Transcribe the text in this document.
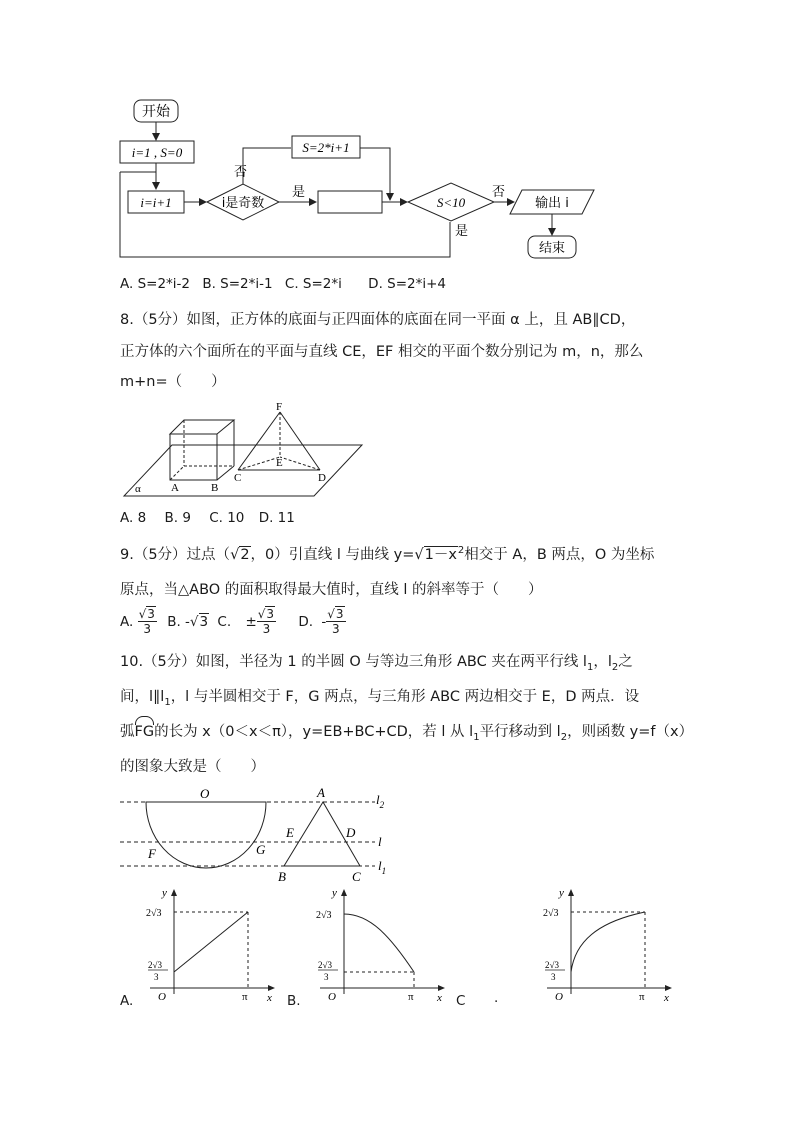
开始
i=1 , S=0
i=i+1	i是奇数
否
S=2*i+1
是
S<10
是
否
输出 i
结束
A. S=2*i-2 B. S=2*i-1 C. S=2*i D. S=2*i+4
8.（5分）如图，正方体的底面与正四面体的底面在同一平面 α 上，且 AB∥CD，
正方体的六个面所在的平面与直线 CE，EF 相交的平面个数分别记为 m，n，那么
m+n=（　　）
F
E
C	D
A	B
α
A. 8 B. 9 C. 10 D. 11
9.（5分）过点（√2，0）引直线 l 与曲线 $y=√1-x^2$相交于 A，B 两点，O 为坐标
原点，当△ABO 的面积取得最大值时，直线 l 的斜率等于（　　）
A. $\frac{√3}{3} B$. -√3 C. ± $\frac{√3}{3} D$. - $\frac{√3}{3}$
10.（5分）如图，半径为 1 的半圆 O 与等边三角形 ABC 夹在两平行线 $l_1$，$l_2$之
间，$l\parallel l_1$，l 与半圆相交于 F，G 两点，与三角形 ABC 两边相交于 E，D 两点．设
弧
FG的长为 x（0＜x＜π），y=EB+BC+CD，若 l 从 $l_1$平行移动到 $l_2$，则函数 y=f（x）
的图象大致是（　　）
O	A
E	D
F	G
B	C
$l_2$
l
$l_1$
y
x
O	π
2√3
2√3
3
y
x
O	π
2√3
2√3
3
y
x
O	π
2√3
2√3
3
A.	B.	C .
